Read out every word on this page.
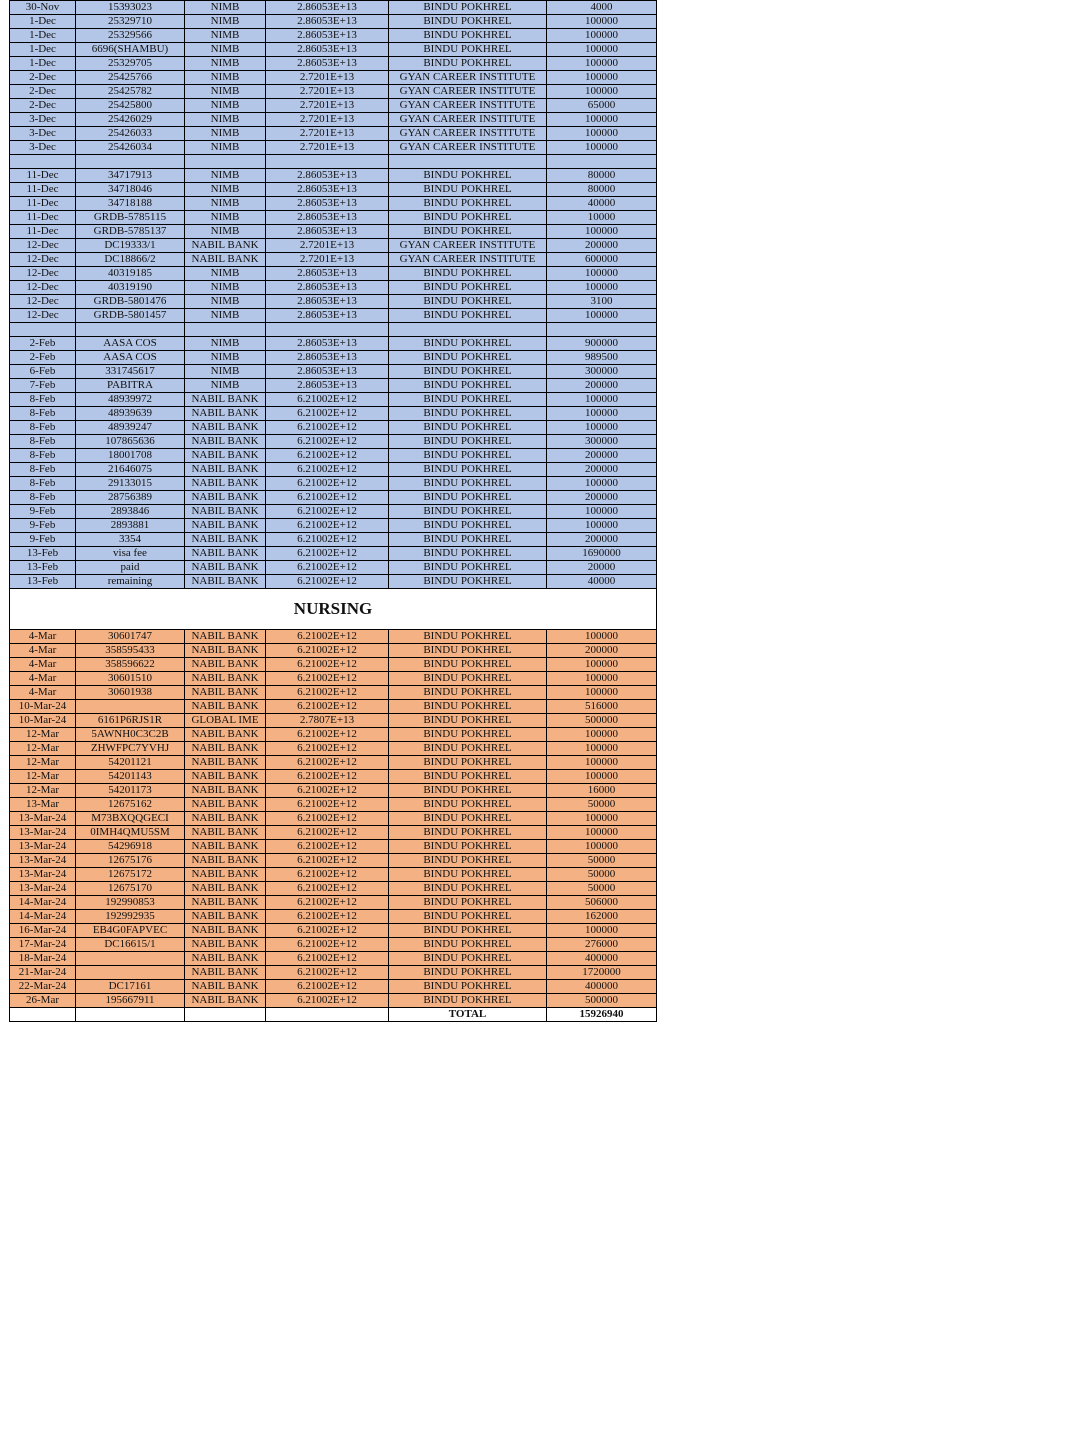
30-Nov	15393023	NIMB	2.86053E+13	BINDU POKHREL	4000
1-Dec	25329710	NIMB	2.86053E+13	BINDU POKHREL	100000
1-Dec	25329566	NIMB	2.86053E+13	BINDU POKHREL	100000
1-Dec	6696(SHAMBU)	NIMB	2.86053E+13	BINDU POKHREL	100000
1-Dec	25329705	NIMB	2.86053E+13	BINDU POKHREL	100000
2-Dec	25425766	NIMB	2.7201E+13	GYAN CAREER INSTITUTE	100000
2-Dec	25425782	NIMB	2.7201E+13	GYAN CAREER INSTITUTE	100000
2-Dec	25425800	NIMB	2.7201E+13	GYAN CAREER INSTITUTE	65000
3-Dec	25426029	NIMB	2.7201E+13	GYAN CAREER INSTITUTE	100000
3-Dec	25426033	NIMB	2.7201E+13	GYAN CAREER INSTITUTE	100000
3-Dec	25426034	NIMB	2.7201E+13	GYAN CAREER INSTITUTE	100000

11-Dec	34717913	NIMB	2.86053E+13	BINDU POKHREL	80000
11-Dec	34718046	NIMB	2.86053E+13	BINDU POKHREL	80000
11-Dec	34718188	NIMB	2.86053E+13	BINDU POKHREL	40000
11-Dec	GRDB-5785115	NIMB	2.86053E+13	BINDU POKHREL	10000
11-Dec	GRDB-5785137	NIMB	2.86053E+13	BINDU POKHREL	100000
12-Dec	DC19333/1	NABIL BANK	2.7201E+13	GYAN CAREER INSTITUTE	200000
12-Dec	DC18866/2	NABIL BANK	2.7201E+13	GYAN CAREER INSTITUTE	600000
12-Dec	40319185	NIMB	2.86053E+13	BINDU POKHREL	100000
12-Dec	40319190	NIMB	2.86053E+13	BINDU POKHREL	100000
12-Dec	GRDB-5801476	NIMB	2.86053E+13	BINDU POKHREL	3100
12-Dec	GRDB-5801457	NIMB	2.86053E+13	BINDU POKHREL	100000

2-Feb	AASA COS	NIMB	2.86053E+13	BINDU POKHREL	900000
2-Feb	AASA COS	NIMB	2.86053E+13	BINDU POKHREL	989500
6-Feb	331745617	NIMB	2.86053E+13	BINDU POKHREL	300000
7-Feb	PABITRA	NIMB	2.86053E+13	BINDU POKHREL	200000
8-Feb	48939972	NABIL BANK	6.21002E+12	BINDU POKHREL	100000
8-Feb	48939639	NABIL BANK	6.21002E+12	BINDU POKHREL	100000
8-Feb	48939247	NABIL BANK	6.21002E+12	BINDU POKHREL	100000
8-Feb	107865636	NABIL BANK	6.21002E+12	BINDU POKHREL	300000
8-Feb	18001708	NABIL BANK	6.21002E+12	BINDU POKHREL	200000
8-Feb	21646075	NABIL BANK	6.21002E+12	BINDU POKHREL	200000
8-Feb	29133015	NABIL BANK	6.21002E+12	BINDU POKHREL	100000
8-Feb	28756389	NABIL BANK	6.21002E+12	BINDU POKHREL	200000
9-Feb	2893846	NABIL BANK	6.21002E+12	BINDU POKHREL	100000
9-Feb	2893881	NABIL BANK	6.21002E+12	BINDU POKHREL	100000
9-Feb	3354	NABIL BANK	6.21002E+12	BINDU POKHREL	200000
13-Feb	visa fee	NABIL BANK	6.21002E+12	BINDU POKHREL	1690000
13-Feb	paid	NABIL BANK	6.21002E+12	BINDU POKHREL	20000
13-Feb	remaining	NABIL BANK	6.21002E+12	BINDU POKHREL	40000
NURSING					
4-Mar	30601747	NABIL BANK	6.21002E+12	BINDU POKHREL	100000
4-Mar	358595433	NABIL BANK	6.21002E+12	BINDU POKHREL	200000
4-Mar	358596622	NABIL BANK	6.21002E+12	BINDU POKHREL	100000
4-Mar	30601510	NABIL BANK	6.21002E+12	BINDU POKHREL	100000
4-Mar	30601938	NABIL BANK	6.21002E+12	BINDU POKHREL	100000
10-Mar-24		NABIL BANK	6.21002E+12	BINDU POKHREL	516000
10-Mar-24	6161P6RJS1R	GLOBAL IME	2.7807E+13	BINDU POKHREL	500000
12-Mar	5AWNH0C3C2B	NABIL BANK	6.21002E+12	BINDU POKHREL	100000
12-Mar	ZHWFPC7YVHJ	NABIL BANK	6.21002E+12	BINDU POKHREL	100000
12-Mar	54201121	NABIL BANK	6.21002E+12	BINDU POKHREL	100000
12-Mar	54201143	NABIL BANK	6.21002E+12	BINDU POKHREL	100000
12-Mar	54201173	NABIL BANK	6.21002E+12	BINDU POKHREL	16000
13-Mar	12675162	NABIL BANK	6.21002E+12	BINDU POKHREL	50000
13-Mar-24	M73BXQQGECI	NABIL BANK	6.21002E+12	BINDU POKHREL	100000
13-Mar-24	0IMH4QMU5SM	NABIL BANK	6.21002E+12	BINDU POKHREL	100000
13-Mar-24	54296918	NABIL BANK	6.21002E+12	BINDU POKHREL	100000
13-Mar-24	12675176	NABIL BANK	6.21002E+12	BINDU POKHREL	50000
13-Mar-24	12675172	NABIL BANK	6.21002E+12	BINDU POKHREL	50000
13-Mar-24	12675170	NABIL BANK	6.21002E+12	BINDU POKHREL	50000
14-Mar-24	192990853	NABIL BANK	6.21002E+12	BINDU POKHREL	506000
14-Mar-24	192992935	NABIL BANK	6.21002E+12	BINDU POKHREL	162000
16-Mar-24	EB4G0FAPVEC	NABIL BANK	6.21002E+12	BINDU POKHREL	100000
17-Mar-24	DC16615/1	NABIL BANK	6.21002E+12	BINDU POKHREL	276000
18-Mar-24		NABIL BANK	6.21002E+12	BINDU POKHREL	400000
21-Mar-24		NABIL BANK	6.21002E+12	BINDU POKHREL	1720000
22-Mar-24	DC17161	NABIL BANK	6.21002E+12	BINDU POKHREL	400000
26-Mar	195667911	NABIL BANK	6.21002E+12	BINDU POKHREL	500000
				TOTAL	15926940
